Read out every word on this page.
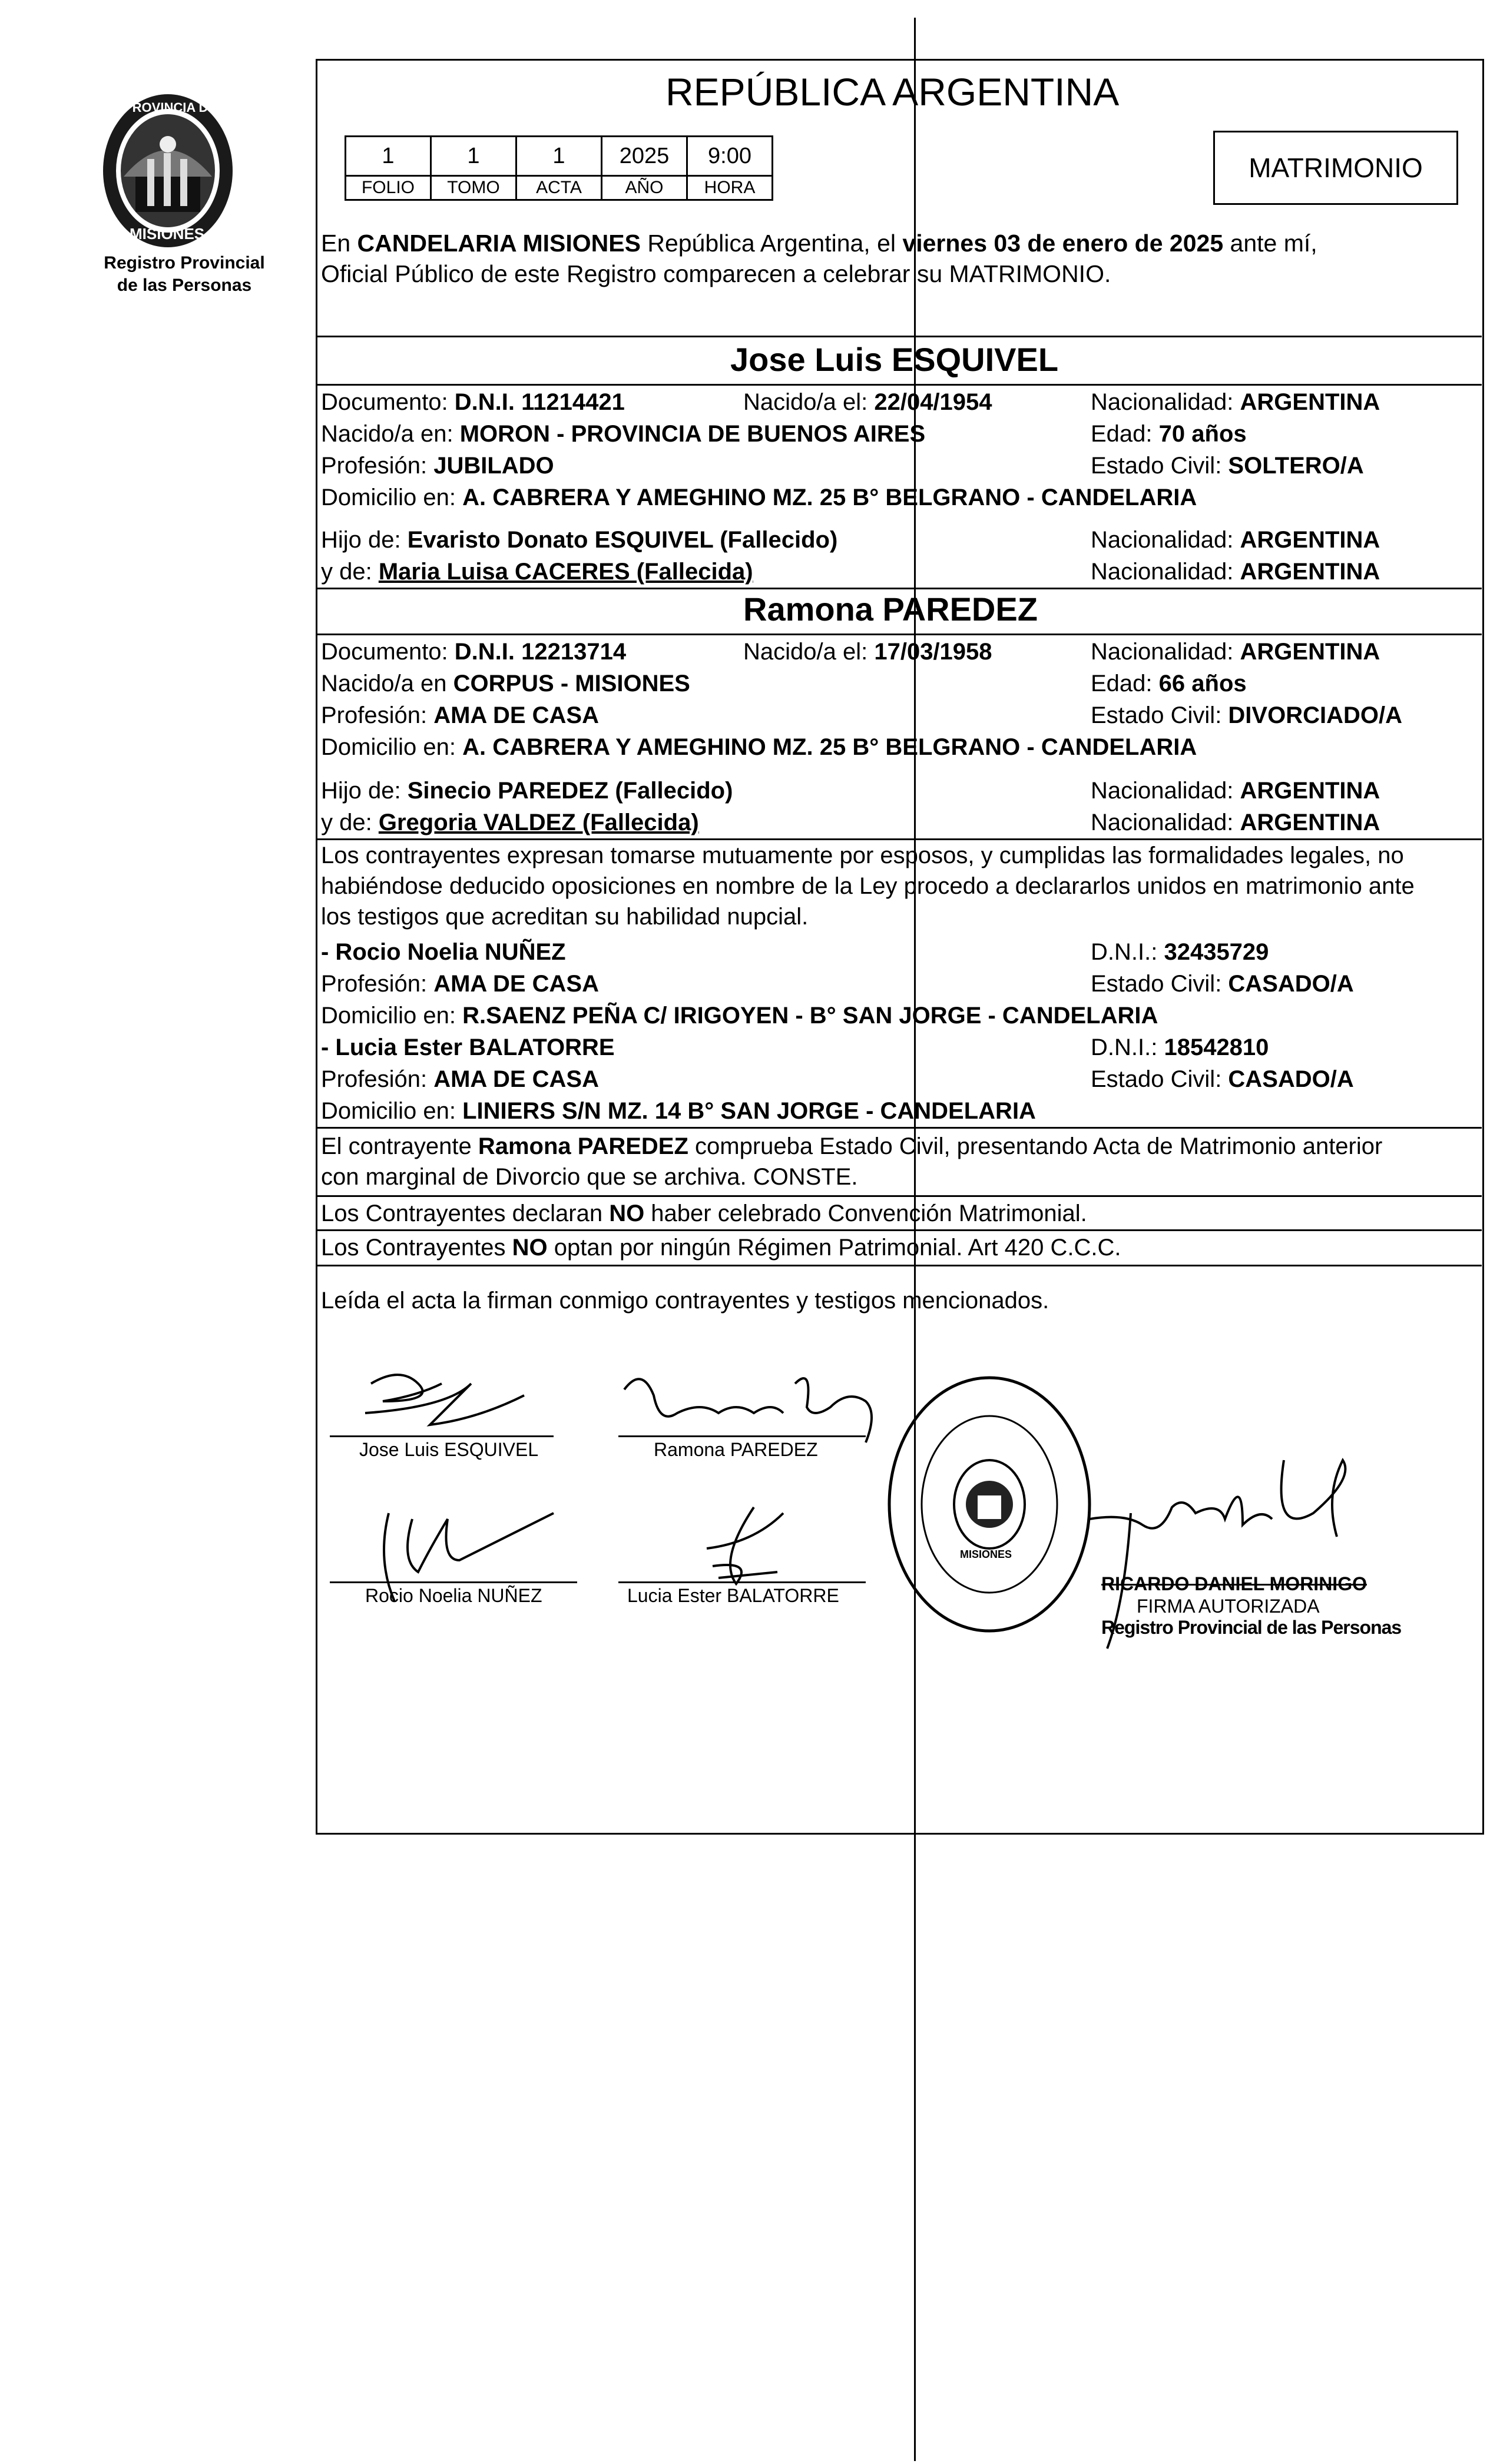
PROVINCIA DE
MISIONES
Registro Provincial
de las Personas
REPÚBLICA ARGENTINA
1	1	1	2025	9:00
FOLIO	TOMO	ACTA	AÑO	HORA
MATRIMONIO
En CANDELARIA MISIONES República Argentina, el viernes 03 de enero de 2025 ante mí,
Oficial Público de este Registro comparecen a celebrar su MATRIMONIO.
Jose Luis ESQUIVEL
Documento: D.N.I. 11214421	Nacido/a el: 22/04/1954	Nacionalidad: ARGENTINA
Nacido/a en: MORON - PROVINCIA DE BUENOS AIRES	Edad: 70 años
Profesión: JUBILADO	Estado Civil: SOLTERO/A
Domicilio en: A. CABRERA Y AMEGHINO MZ. 25 B° BELGRANO - CANDELARIA
Hijo de: Evaristo Donato ESQUIVEL (Fallecido)	Nacionalidad: ARGENTINA
y de: Maria Luisa CACERES (Fallecida)	Nacionalidad: ARGENTINA
Ramona PAREDEZ
Documento: D.N.I. 12213714	Nacido/a el: 17/03/1958	Nacionalidad: ARGENTINA
Nacido/a en CORPUS - MISIONES	Edad: 66 años
Profesión: AMA DE CASA	Estado Civil: DIVORCIADO/A
Domicilio en: A. CABRERA Y AMEGHINO MZ. 25 B° BELGRANO - CANDELARIA
Hijo de: Sinecio PAREDEZ (Fallecido)	Nacionalidad: ARGENTINA
y de: Gregoria VALDEZ (Fallecida)	Nacionalidad: ARGENTINA
Los contrayentes expresan tomarse mutuamente por esposos, y cumplidas las formalidades legales, no
habiéndose deducido oposiciones en nombre de la Ley procedo a declararlos unidos en matrimonio ante
los testigos que acreditan su habilidad nupcial.
- Rocio Noelia NUÑEZ	D.N.I.: 32435729
Profesión: AMA DE CASA	Estado Civil: CASADO/A
Domicilio en: R.SAENZ PEÑA C/ IRIGOYEN - B° SAN JORGE - CANDELARIA
- Lucia Ester BALATORRE	D.N.I.: 18542810
Profesión: AMA DE CASA	Estado Civil: CASADO/A
Domicilio en: LINIERS S/N MZ. 14 B° SAN JORGE - CANDELARIA
El contrayente Ramona PAREDEZ comprueba Estado Civil, presentando Acta de Matrimonio anterior
con marginal de Divorcio que se archiva. CONSTE.
Los Contrayentes declaran NO haber celebrado Convención Matrimonial.
Los Contrayentes NO optan por ningún Régimen Patrimonial. Art 420 C.C.C.
Leída el acta la firman conmigo contrayentes y testigos mencionados.
Jose Luis ESQUIVEL	Ramona PAREDEZ
Rocio Noelia NUÑEZ	Lucia Ester BALATORRE
MISIONES
RICARDO DANIEL MORINIGO
FIRMA AUTORIZADA
Registro Provincial de las Personas
